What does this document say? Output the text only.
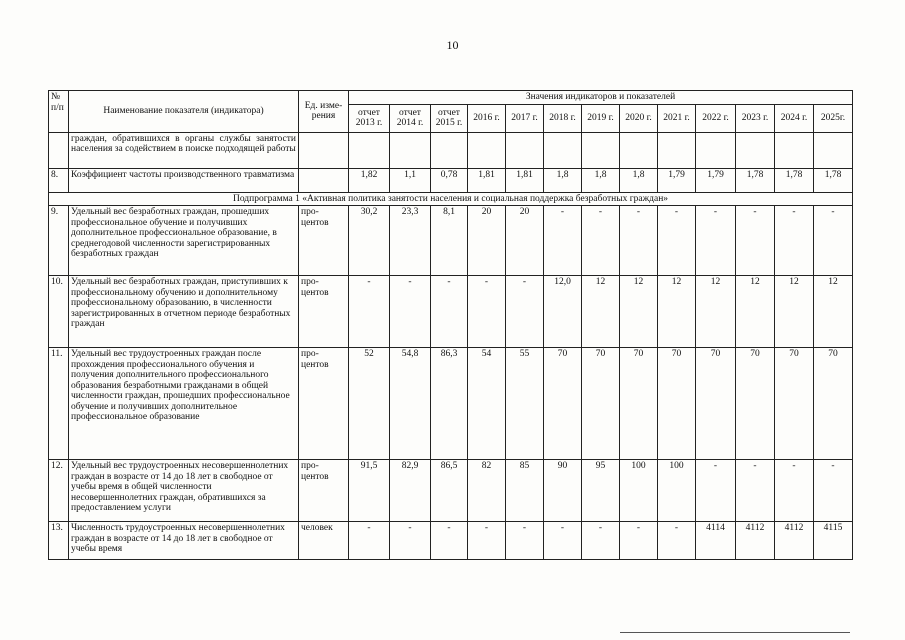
10
№ п/п	Наименование показателя (индикатора)	Ед. изме-рения	Значения индикаторов и показателей												
			отчет 2013 г.	отчет 2014 г.	отчет 2015 г.	2016 г.	2017 г.	2018 г.	2019 г.	2020 г.	2021 г.	2022 г.	2023 г.	2024 г.	2025г.
	граждан, обратившихся в органы службы занятости населения за содействием в поиске подходящей работы														
8.	Коэффициент частоты производственного травматизма		1,82	1,1	0,78	1,81	1,81	1,8	1,8	1,8	1,79	1,79	1,78	1,78	1,78
Подпрограмма 1 «Активная политика занятости населения и социальная поддержка безработных граждан»															
9.	Удельный вес безработных граждан, прошедших профессиональное обучение и получивших дополнительное профессиональное образование, в среднегодовой численности зарегистрированных безработных граждан	про-центов	30,2	23,3	8,1	20	20	-	-	-	-	-	-	-	-
10.	Удельный вес безработных граждан, приступивших к профессиональному обучению и дополнительному профессиональному образованию, в численности зарегистрированных в отчетном периоде безработных граждан	про-центов	-	-	-	-	-	12,0	12	12	12	12	12	12	12
11.	Удельный вес трудоустроенных граждан после прохождения профессионального обучения и получения дополнительного профессионального образования безработными гражданами в общей численности граждан, прошедших профессиональное обучение и получивших дополнительное профессиональное образование	про-центов	52	54,8	86,3	54	55	70	70	70	70	70	70	70	70
12.	Удельный вес трудоустроенных несовершеннолетних граждан в возрасте от 14 до 18 лет в свободное от учебы время в общей численности несовершеннолетних граждан, обратившихся за предоставлением услуги	про-центов	91,5	82,9	86,5	82	85	90	95	100	100	-	-	-	-
13.	Численность трудоустроенных несовершеннолетних граждан в возрасте от 14 до 18 лет в свободное от учебы время	человек	-	-	-	-	-	-	-	-	-	4114	4112	4112	4115
